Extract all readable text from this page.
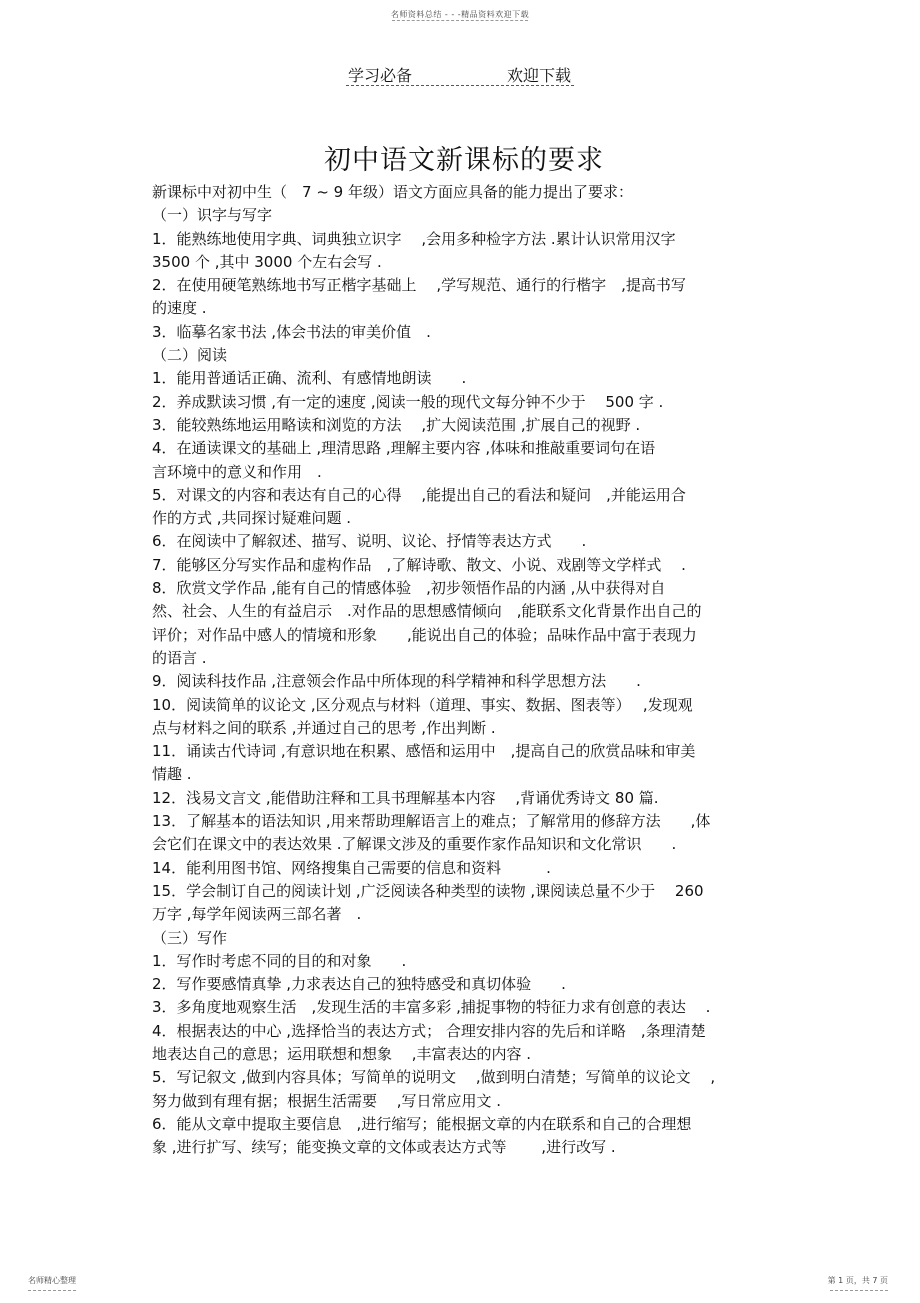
名师资料总结 - - -精品资料欢迎下载
学习必备	欢迎下载
初中语文新课标的要求

新课标中对初中生（　7 ~ 9 年级）语文方面应具备的能力提出了要求：

（一）识字与写字

1．能熟练地使用字典、词典独立识字　 ,会用多种检字方法 .累计认识常用汉字

3500 个 ,其中 3000 个左右会写 .

2．在使用硬笔熟练地书写正楷字基础上　 ,学写规范、通行的行楷字　,提高书写

的速度 .

3．临摹名家书法 ,体会书法的审美价值　.

（二）阅读

1．能用普通话正确、流利、有感情地朗读　　.

2．养成默读习惯 ,有一定的速度 ,阅读一般的现代文每分钟不少于　 500 字 .

3．能较熟练地运用略读和浏览的方法　 ,扩大阅读范围 ,扩展自己的视野 .

4．在通读课文的基础上 ,理清思路 ,理解主要内容 ,体味和推敲重要词句在语

言环境中的意义和作用　.

5．对课文的内容和表达有自己的心得　 ,能提出自己的看法和疑问　,并能运用合

作的方式 ,共同探讨疑难问题 .

6．在阅读中了解叙述、描写、说明、议论、抒情等表达方式　　.

7．能够区分写实作品和虚构作品　,了解诗歌、散文、小说、戏剧等文学样式　 .

8．欣赏文学作品 ,能有自己的情感体验　,初步领悟作品的内涵 ,从中获得对自

然、社会、人生的有益启示　.对作品的思想感情倾向　,能联系文化背景作出自己的

评价；对作品中感人的情境和形象　　,能说出自己的体验；品味作品中富于表现力

的语言 .

9．阅读科技作品 ,注意领会作品中所体现的科学精神和科学思想方法　　.

10．阅读简单的议论文 ,区分观点与材料（道理、事实、数据、图表等）　 ,发现观

点与材料之间的联系 ,并通过自己的思考 ,作出判断 .

11．诵读古代诗词 ,有意识地在积累、感悟和运用中　,提高自己的欣赏品味和审美

情趣 .

12．浅易文言文 ,能借助注释和工具书理解基本内容　 ,背诵优秀诗文 80 篇.

13．了解基本的语法知识 ,用来帮助理解语言上的难点；了解常用的修辞方法　　,体

会它们在课文中的表达效果 .了解课文涉及的重要作家作品知识和文化常识　　.

14．能利用图书馆、网络搜集自己需要的信息和资料　　　.

15．学会制订自己的阅读计划 ,广泛阅读各种类型的读物 ,课阅读总量不少于　 260

万字 ,每学年阅读两三部名著　.

（三）写作

1．写作时考虑不同的目的和对象　　.

2．写作要感情真挚 ,力求表达自己的独特感受和真切体验　　.

3．多角度地观察生活　,发现生活的丰富多彩 ,捕捉事物的特征力求有创意的表达　 .

4．根据表达的中心 ,选择恰当的表达方式； 合理安排内容的先后和详略　,条理清楚

地表达自己的意思；运用联想和想象　 ,丰富表达的内容 .

5．写记叙文 ,做到内容具体；写简单的说明文　 ,做到明白清楚；写简单的议论文　 ,

努力做到有理有据；根据生活需要　 ,写日常应用文 .

6．能从文章中提取主要信息　,进行缩写；能根据文章的内在联系和自己的合理想

象 ,进行扩写、续写；能变换文章的文体或表达方式等　　 ,进行改写 .

名师精心整理	第 1 页，共 7 页
